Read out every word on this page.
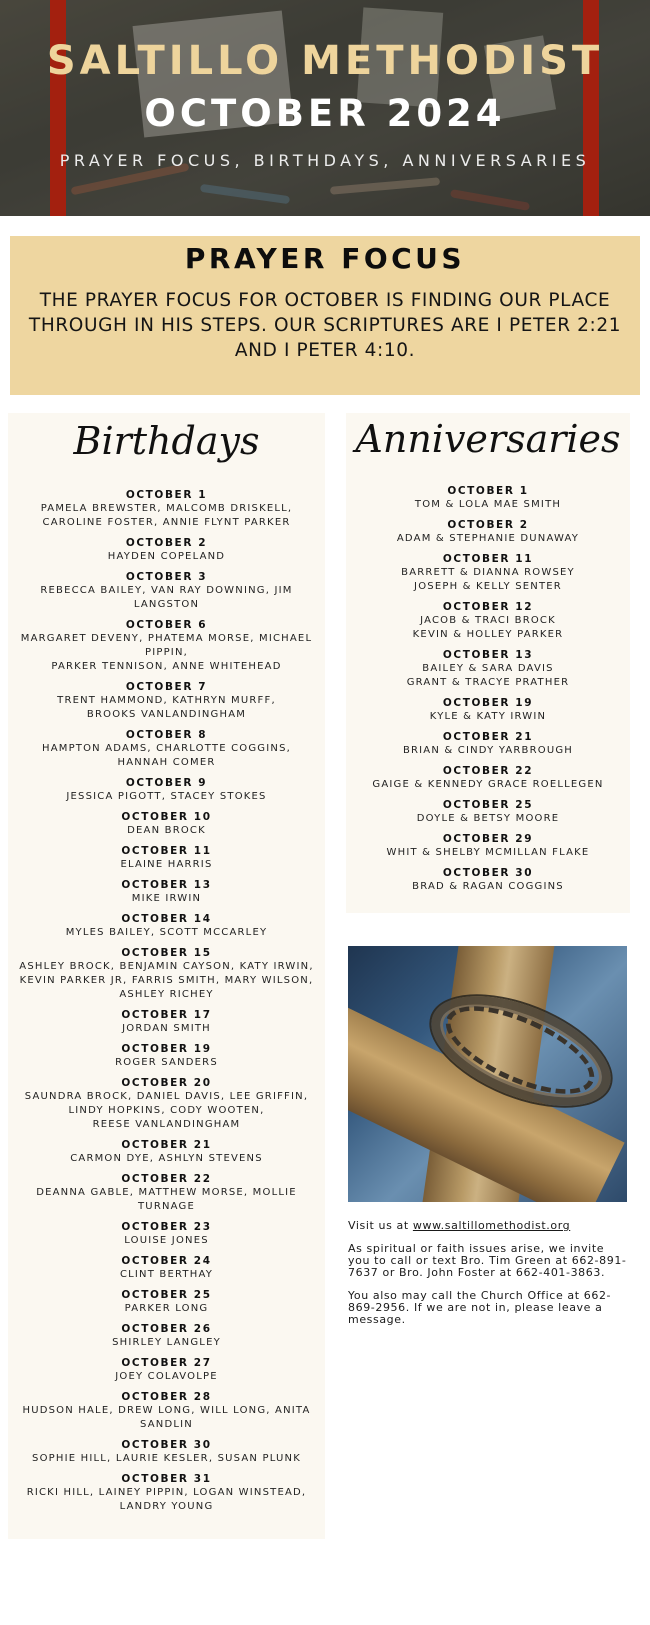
SALTILLO METHODIST
OCTOBER 2024
PRAYER FOCUS, BIRTHDAYS, ANNIVERSARIES
PRAYER FOCUS
THE PRAYER FOCUS FOR OCTOBER IS FINDING OUR PLACE THROUGH IN HIS STEPS. OUR SCRIPTURES ARE I PETER 2:21 AND I PETER 4:10.
Birthdays
OCTOBER 1
PAMELA BREWSTER, MALCOMB DRISKELL,
CAROLINE FOSTER, ANNIE FLYNT PARKER
OCTOBER 2
HAYDEN COPELAND
OCTOBER 3
REBECCA BAILEY, VAN RAY DOWNING, JIM LANGSTON
OCTOBER 6
MARGARET DEVENY, PHATEMA MORSE, MICHAEL PIPPIN,
PARKER TENNISON, ANNE WHITEHEAD
OCTOBER 7
TRENT HAMMOND, KATHRYN MURFF,
BROOKS VANLANDINGHAM
OCTOBER 8
HAMPTON ADAMS, CHARLOTTE COGGINS,
HANNAH COMER
OCTOBER 9
JESSICA PIGOTT, STACEY STOKES
OCTOBER 10
DEAN BROCK
OCTOBER 11
ELAINE HARRIS
OCTOBER 13
MIKE IRWIN
OCTOBER 14
MYLES BAILEY, SCOTT MCCARLEY
OCTOBER 15
ASHLEY BROCK, BENJAMIN CAYSON, KATY IRWIN,
KEVIN PARKER JR, FARRIS SMITH, MARY WILSON,
ASHLEY RICHEY
OCTOBER 17
JORDAN SMITH
OCTOBER 19
ROGER SANDERS
OCTOBER 20
SAUNDRA BROCK, DANIEL DAVIS, LEE GRIFFIN,
LINDY HOPKINS, CODY WOOTEN,
REESE VANLANDINGHAM
OCTOBER 21
CARMON DYE, ASHLYN STEVENS
OCTOBER 22
DEANNA GABLE, MATTHEW MORSE, MOLLIE TURNAGE
OCTOBER 23
LOUISE JONES
OCTOBER 24
CLINT BERTHAY
OCTOBER 25
PARKER LONG
OCTOBER 26
SHIRLEY LANGLEY
OCTOBER 27
JOEY COLAVOLPE
OCTOBER 28
HUDSON HALE, DREW LONG, WILL LONG, ANITA SANDLIN
OCTOBER 30
SOPHIE HILL, LAURIE KESLER, SUSAN PLUNK
OCTOBER 31
RICKI HILL, LAINEY PIPPIN, LOGAN WINSTEAD,
LANDRY YOUNG
Anniversaries
OCTOBER 1
TOM & LOLA MAE SMITH
OCTOBER 2
ADAM & STEPHANIE DUNAWAY
OCTOBER 11
BARRETT & DIANNA ROWSEY
JOSEPH & KELLY SENTER
OCTOBER 12
JACOB & TRACI BROCK
KEVIN & HOLLEY PARKER
OCTOBER 13
BAILEY & SARA DAVIS
GRANT & TRACYE PRATHER
OCTOBER 19
KYLE & KATY IRWIN
OCTOBER 21
BRIAN & CINDY YARBROUGH
OCTOBER 22
GAIGE & KENNEDY GRACE ROELLEGEN
OCTOBER 25
DOYLE & BETSY MOORE
OCTOBER 29
WHIT & SHELBY MCMILLAN FLAKE
OCTOBER 30
BRAD & RAGAN COGGINS

Visit us at www.saltillomethodist.org

As spiritual or faith issues arise, we invite you to call or text Bro. Tim Green at 662-891-7637 or Bro. John Foster at 662-401-3863.

You also may call the Church Office at 662-869-2956. If we are not in, please leave a message.
